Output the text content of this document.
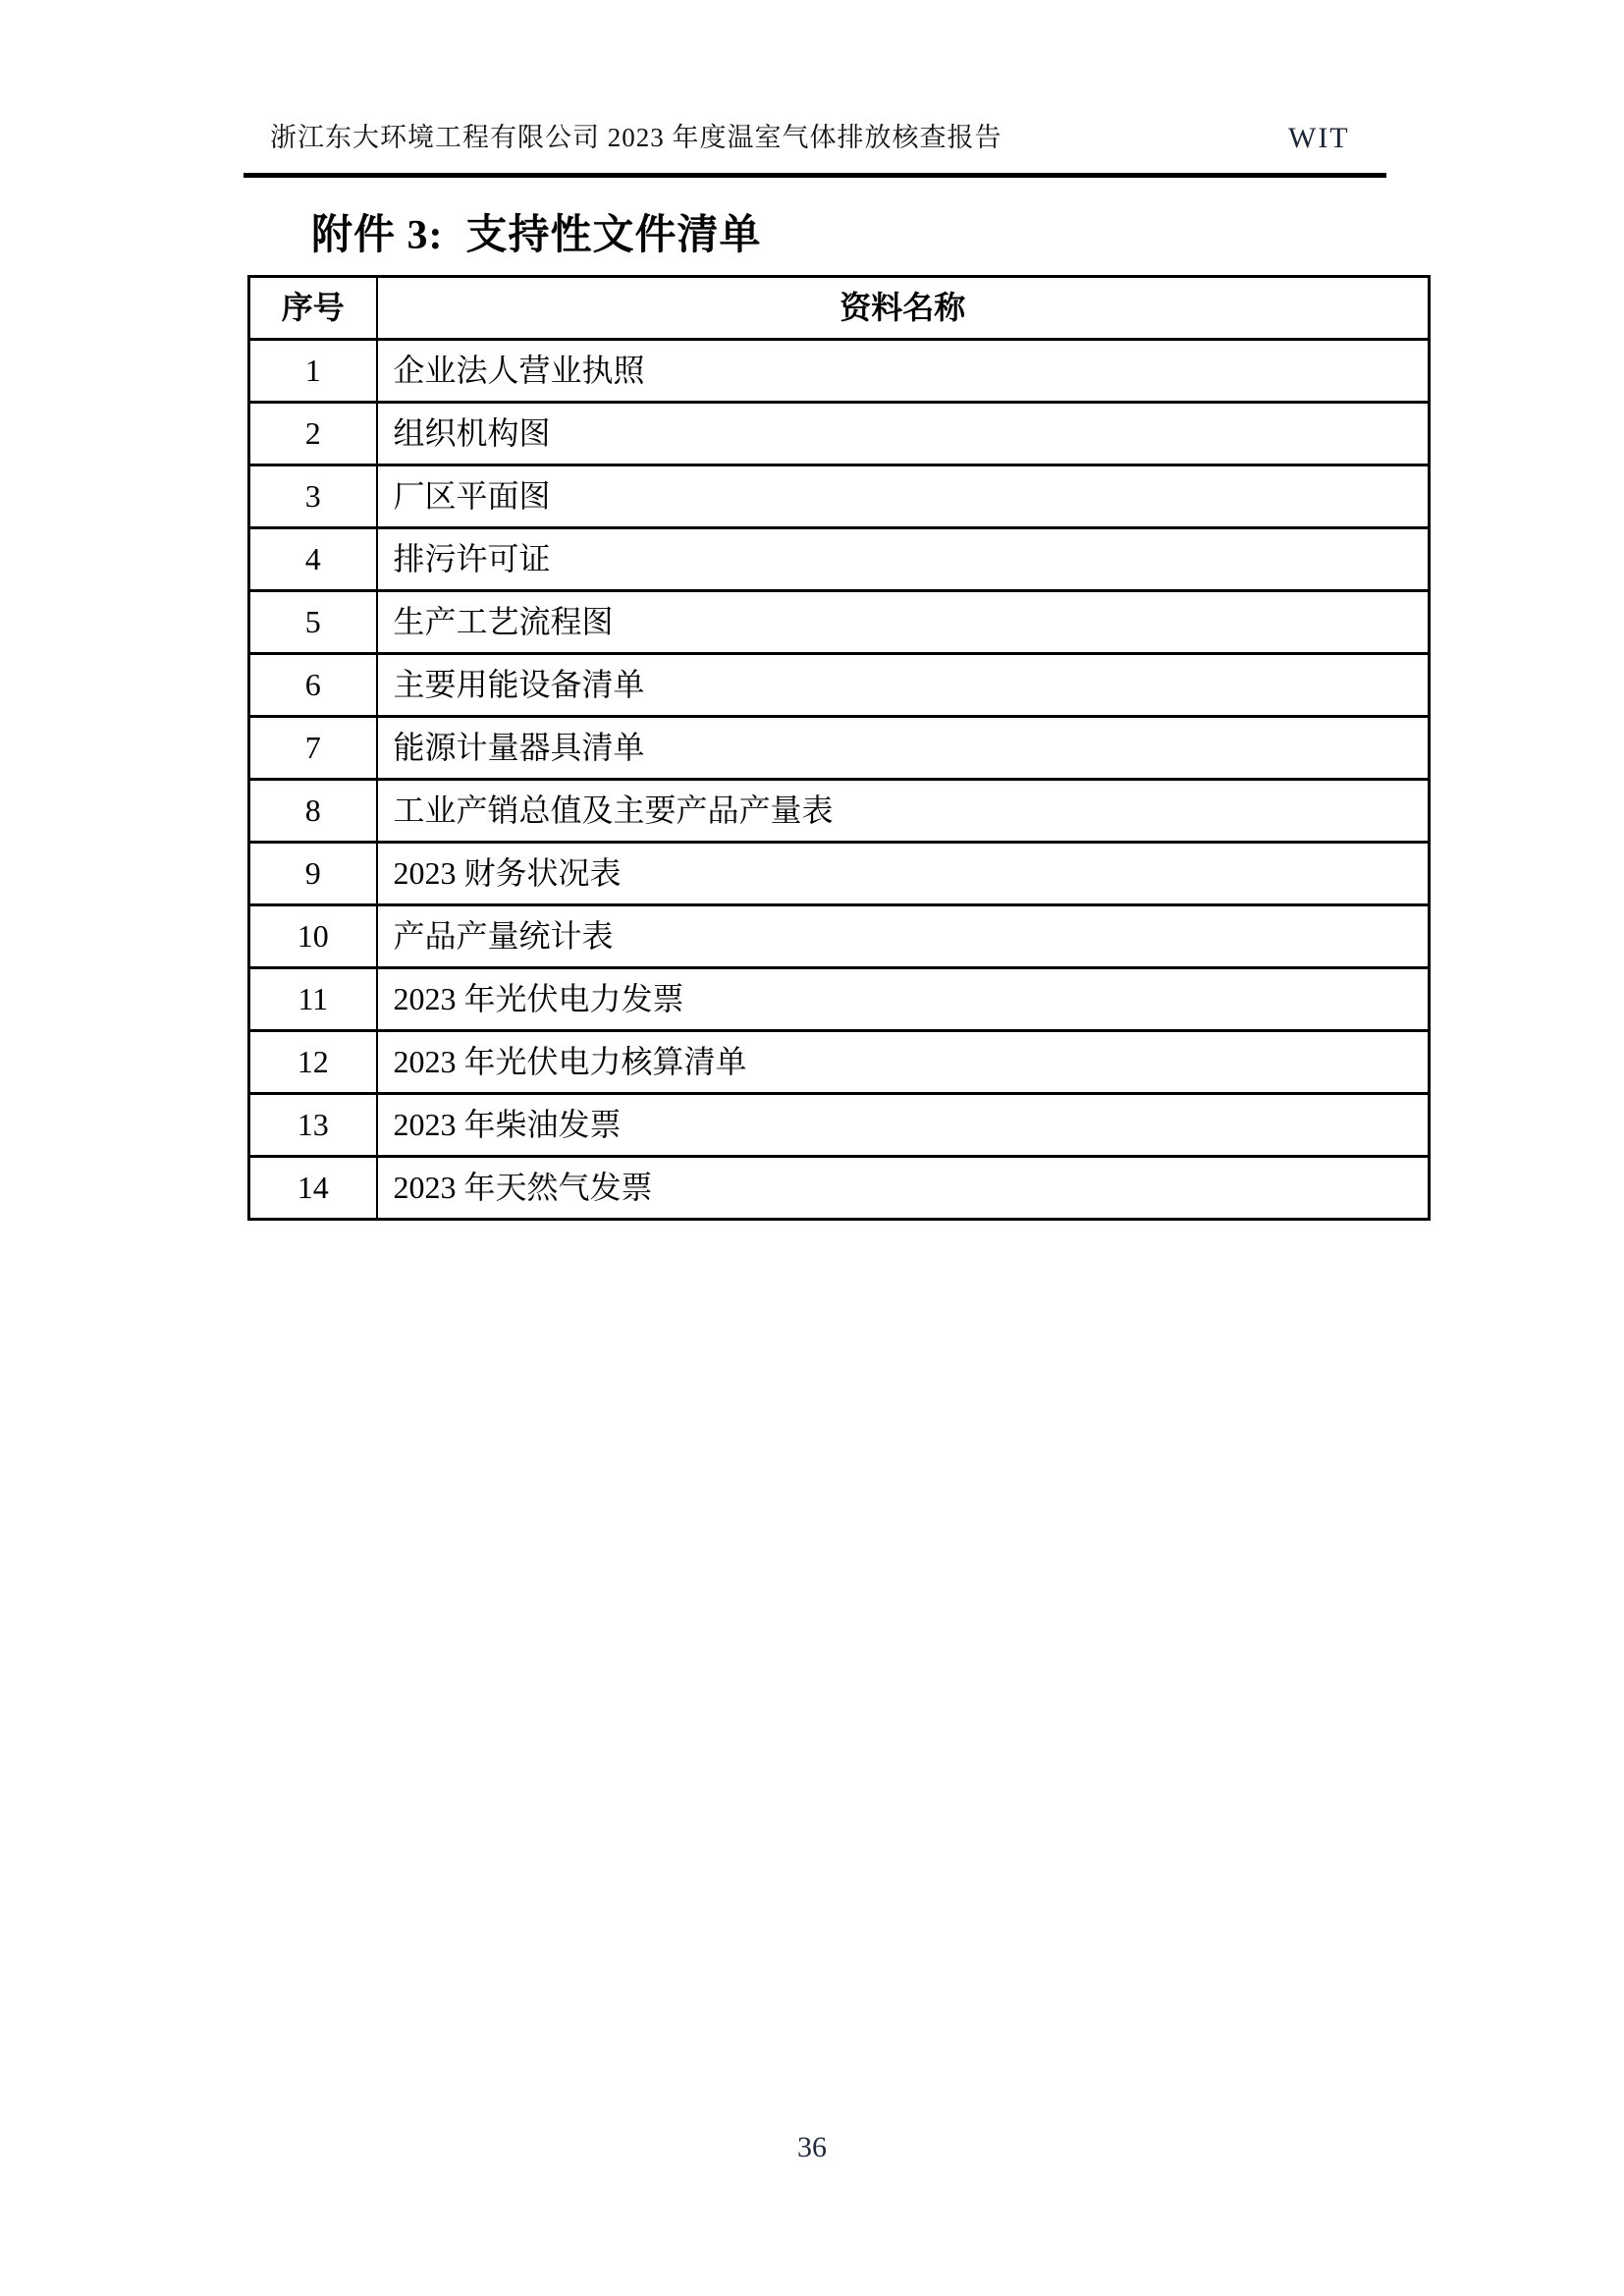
浙江东大环境工程有限公司 2023 年度温室气体排放核查报告	WIT
附件 3:  支持性文件清单
序号	资料名称
1	企业法人营业执照
2	组织机构图
3	厂区平面图
4	排污许可证
5	生产工艺流程图
6	主要用能设备清单
7	能源计量器具清单
8	工业产销总值及主要产品产量表
9	2023 财务状况表
10	产品产量统计表
11	2023 年光伏电力发票
12	2023 年光伏电力核算清单
13	2023 年柴油发票
14	2023 年天然气发票
36
